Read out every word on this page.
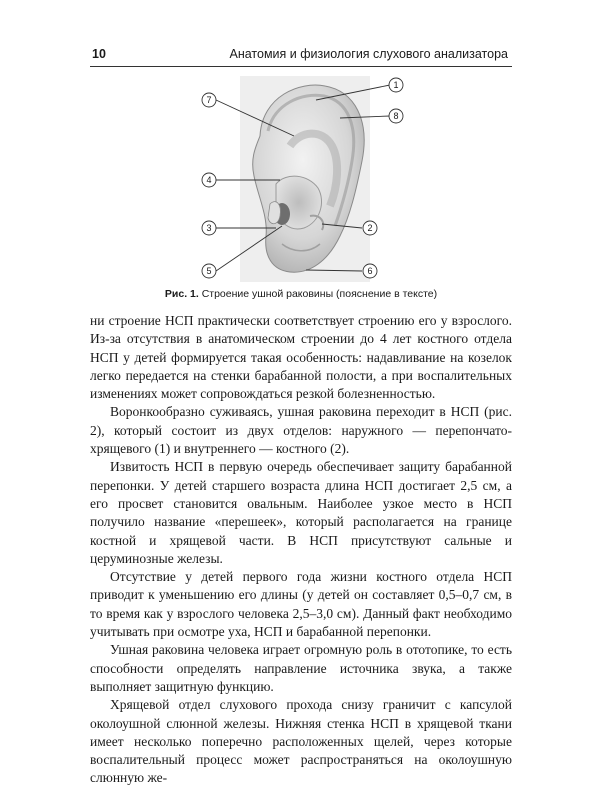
10	Анатомия и физиология слухового анализатора
1
2
3
4
5	6
7
8
Рис. 1. Строение ушной раковины (пояснение в тексте)

ни строение НСП практически соответствует строению его у взрослого. Из-за отсутствия в анатомическом строении до 4 лет костного отдела НСП у детей формируется такая особенность: надавливание на козелок легко передается на стенки барабанной полости, а при воспалительных изменениях может сопровождаться резкой болезненностью.

Воронкообразно суживаясь, ушная раковина переходит в НСП (рис. 2), который состоит из двух отделов: наружного — перепончато-хрящевого (1) и внутреннего — костного (2).

Извитость НСП в первую очередь обеспечивает защиту барабанной перепонки. У детей старшего возраста длина НСП достигает 2,5 см, а его просвет становится овальным. Наиболее узкое место в НСП получило название «перешеек», который располагается на границе костной и хрящевой части. В НСП присутствуют сальные и церуминозные железы.

Отсутствие у детей первого года жизни костного отдела НСП приводит к уменьшению его длины (у детей он составляет 0,5–0,7 см, в то время как у взрослого человека 2,5–3,0 см). Данный факт необходимо учитывать при осмотре уха, НСП и барабанной перепонки.

Ушная раковина человека играет огромную роль в ототопике, то есть способности определять направление источника звука, а также выполняет защитную функцию.

Хрящевой отдел слухового прохода снизу граничит с капсулой околоушной слюнной железы. Нижняя стенка НСП в хрящевой ткани имеет несколько поперечно расположенных щелей, через которые воспалительный процесс может распространяться на околоушную слюнную же-
